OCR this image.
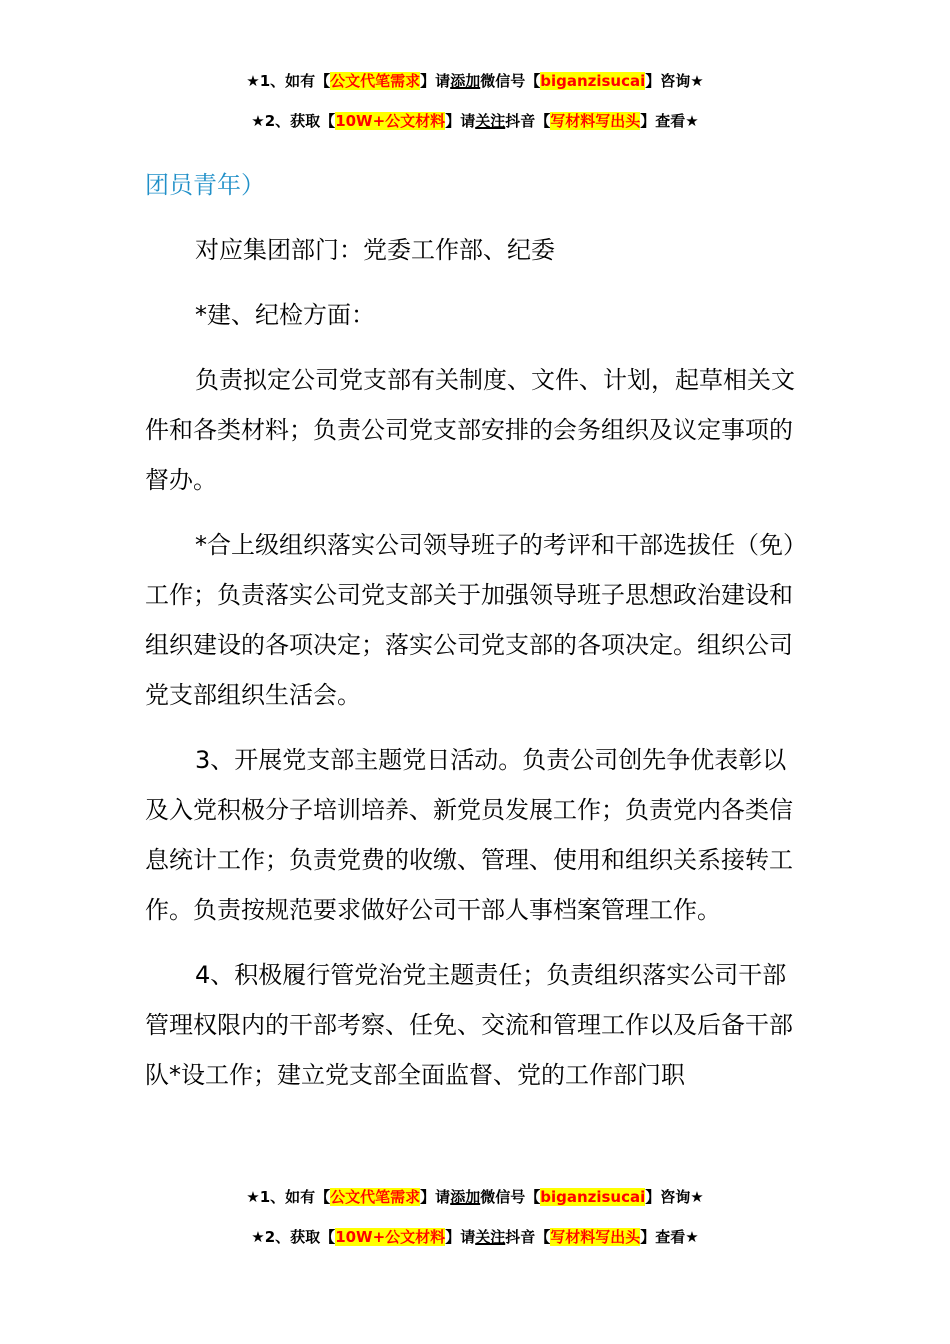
★1、如有【公文代笔需求】请添加微信号【biganzisucai】咨询★
★2、获取【10W+公文材料】请关注抖音【写材料写出头】查看★
团员青年）

对应集团部门：党委工作部、纪委

*建、纪检方面：

负责拟定公司党支部有关制度、文件、计划，起草相关文件和各类材料；负责公司党支部安排的会务组织及议定事项的督办。

*合上级组织落实公司领导班子的考评和干部选拔任（免）工作；负责落实公司党支部关于加强领导班子思想政治建设和组织建设的各项决定；落实公司党支部的各项决定。组织公司党支部组织生活会。

3、开展党支部主题党日活动。负责公司创先争优表彰以及入党积极分子培训培养、新党员发展工作；负责党内各类信息统计工作；负责党费的收缴、管理、使用和组织关系接转工作。负责按规范要求做好公司干部人事档案管理工作。

4、积极履行管党治党主题责任；负责组织落实公司干部管理权限内的干部考察、任免、交流和管理工作以及后备干部队*设工作；建立党支部全面监督、党的工作部门职

★1、如有【公文代笔需求】请添加微信号【biganzisucai】咨询★
★2、获取【10W+公文材料】请关注抖音【写材料写出头】查看★
